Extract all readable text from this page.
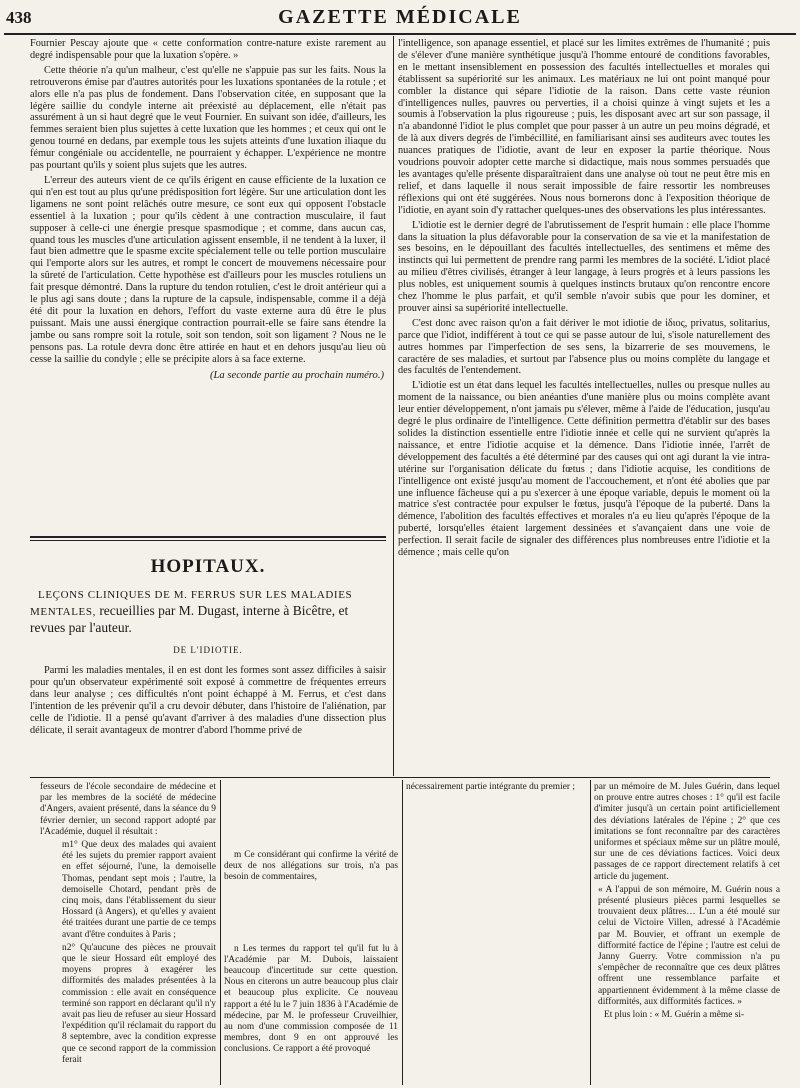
438	GAZETTE MÉDICALE

Fournier Pescay ajoute que « cette conformation contre-nature existe rarement au degré indispensable pour que la luxation s'opère. »

Cette théorie n'a qu'un malheur, c'est qu'elle ne s'appuie pas sur les faits. Nous la retrouverons émise par d'autres autorités pour les luxations spontanées de la rotule ; et alors elle n'a pas plus de fondement. Dans l'observation citée, en supposant que la légère saillie du condyle interne ait préexisté au déplacement, elle n'était pas assurément à un si haut degré que le veut Fournier. En suivant son idée, d'ailleurs, les femmes seraient bien plus sujettes à cette luxation que les hommes ; et ceux qui ont le genou tourné en dedans, par exemple tous les sujets atteints d'une luxation iliaque du fémur congéniale ou accidentelle, ne pourraient y échapper. L'expérience ne montre pas pourtant qu'ils y soient plus sujets que les autres.

L'erreur des auteurs vient de ce qu'ils érigent en cause efficiente de la luxation ce qui n'en est tout au plus qu'une prédisposition fort légère. Sur une articulation dont les ligamens ne sont point relâchés outre mesure, ce sont eux qui opposent l'obstacle essentiel à la luxation ; pour qu'ils cèdent à une contraction musculaire, il faut supposer à celle-ci une énergie presque spasmodique ; et comme, dans aucun cas, quand tous les muscles d'une articulation agissent ensemble, il ne tendent à la luxer, il faut bien admettre que le spasme excite spécialement telle ou telle portion musculaire qui l'emporte alors sur les autres, et rompt le concert de mouvemens nécessaire pour la sûreté de l'articulation. Cette hypothèse est d'ailleurs pour les muscles rotuliens un fait presque démontré. Dans la rupture du tendon rotulien, c'est le droit antérieur qui a le plus agi sans doute ; dans la rupture de la capsule, indispensable, comme il a déjà été dit pour la luxation en dehors, l'effort du vaste externe aura dû être le plus puissant. Mais une aussi énergique contraction pourrait-elle se faire sans étendre la jambe ou sans rompre soit la rotule, soit son tendon, soit son ligament ? Nous ne le pensons pas. La rotule devra donc être attirée en haut et en dehors jusqu'au lieu où cesse la saillie du condyle ; elle se précipite alors à sa face externe.

(La seconde partie au prochain numéro.)
HOPITAUX.

LEÇONS CLINIQUES DE M. FERRUS SUR LES MALADIES MENTALES, recueillies par M. Dugast, interne à Bicêtre, et revues par l'auteur.

DE L'IDIOTIE.

Parmi les maladies mentales, il en est dont les formes sont assez difficiles à saisir pour qu'un observateur expérimenté soit exposé à commettre de fréquentes erreurs dans leur analyse ; ces difficultés n'ont point échappé à M. Ferrus, et c'est dans l'intention de les prévenir qu'il a cru devoir débuter, dans l'histoire de l'aliénation, par celle de l'idiotie. Il a pensé qu'avant d'arriver à des maladies d'une dissection plus délicate, il serait avantageux de montrer d'abord l'homme privé de

l'intelligence, son apanage essentiel, et placé sur les limites extrêmes de l'humanité ; puis de s'élever d'une manière synthétique jusqu'à l'homme entouré de conditions favorables, en le mettant insensiblement en possession des facultés intellectuelles et morales qui établissent sa supériorité sur les animaux. Les matériaux ne lui ont point manqué pour combler la distance qui sépare l'idiotie de la raison. Dans cette vaste réunion d'intelligences nulles, pauvres ou perverties, il a choisi quinze à vingt sujets et les a soumis à l'observation la plus rigoureuse ; puis, les disposant avec art sur son passage, il n'a abandonné l'idiot le plus complet que pour passer à un autre un peu moins dégradé, et de là aux divers degrés de l'imbécillité, en familiarisant ainsi ses auditeurs avec toutes les nuances pratiques de l'idiotie, avant de leur en exposer la partie théorique. Nous voudrions pouvoir adopter cette marche si didactique, mais nous sommes persuadés que les avantages qu'elle présente disparaîtraient dans une analyse où tout ne peut être mis en relief, et dans laquelle il nous serait impossible de faire ressortir les nombreuses réflexions qui ont été suggérées. Nous nous bornerons donc à l'exposition théorique de l'idiotie, en ayant soin d'y rattacher quelques-unes des observations les plus intéressantes.

L'idiotie est le dernier degré de l'abrutissement de l'esprit humain : elle place l'homme dans la situation la plus défavorable pour la conservation de sa vie et la manifestation de ses besoins, en le dépouillant des facultés intellectuelles, des sentimens et même des instincts qui lui permettent de prendre rang parmi les membres de la société. L'idiot placé au milieu d'êtres civilisés, étranger à leur langage, à leurs progrès et à leurs passions les plus nobles, est uniquement soumis à quelques instincts brutaux qu'on rencontre encore chez l'homme le plus parfait, et qu'il semble n'avoir subis que pour les dominer, et prouver ainsi sa supériorité intellectuelle.

C'est donc avec raison qu'on a fait dériver le mot idiotie de ἰδιος, privatus, solitarius, parce que l'idiot, indifférent à tout ce qui se passe autour de lui, s'isole naturellement des autres hommes par l'imperfection de ses sens, la bizarrerie de ses mouvemens, le caractère de ses maladies, et surtout par l'absence plus ou moins complète du langage et des facultés de l'entendement.

L'idiotie est un état dans lequel les facultés intellectuelles, nulles ou presque nulles au moment de la naissance, ou bien anéanties d'une manière plus ou moins complète avant leur entier développement, n'ont jamais pu s'élever, même à l'aide de l'éducation, jusqu'au degré le plus ordinaire de l'intelligence. Cette définition permettra d'établir sur des bases solides la distinction essentielle entre l'idiotie innée et celle qui ne survient qu'après la naissance, et entre l'idiotie acquise et la démence. Dans l'idiotie innée, l'arrêt de développement des facultés a été déterminé par des causes qui ont agi durant la vie intra-utérine sur l'organisation délicate du fœtus ; dans l'idiotie acquise, les conditions de l'intelligence ont existé jusqu'au moment de l'accouchement, et n'ont été abolies que par une influence fâcheuse qui a pu s'exercer à une époque variable, depuis le moment où la matrice s'est contractée pour expulser le fœtus, jusqu'à l'époque de la puberté. Dans la démence, l'abolition des facultés effectives et morales n'a eu lieu qu'après l'époque de la puberté, lorsqu'elles étaient largement dessinées et s'avançaient dans une voie de perfection. Il serait facile de signaler des différences plus nombreuses entre l'idiotie et la démence ; mais celle qu'on

fesseurs de l'école secondaire de médecine et par les membres de la société de médecine d'Angers, avaient présenté, dans la séance du 9 février dernier, un second rapport adopté par l'Académie, duquel il résultait :

m1° Que deux des malades qui avaient été les sujets du premier rapport avaient en effet séjourné, l'une, la demoiselle Thomas, pendant sept mois ; l'autre, la demoiselle Chotard, pendant près de cinq mois, dans l'établissement du sieur Hossard (à Angers), et qu'elles y avaient été traitées durant une partie de ce temps avant d'être conduites à Paris ;

n2° Qu'aucune des pièces ne prouvait que le sieur Hossard eût employé des moyens propres à exagérer les difformités des malades présentées à la commission : elle avait en conséquence terminé son rapport en déclarant qu'il n'y avait pas lieu de refuser au sieur Hossard l'expédition qu'il réclamait du rapport du 8 septembre, avec la condition expresse que ce second rapport de la commission ferait

m Ce considérant qui confirme la vérité de deux de nos allégations sur trois, n'a pas besoin de commentaires,

n Les termes du rapport tel qu'il fut lu à l'Académie par M. Dubois, laissaient beaucoup d'incertitude sur cette question. Nous en citerons un autre beaucoup plus clair et beaucoup plus explicite. Ce nouveau rapport a été lu le 7 juin 1836 à l'Académie de médecine, par M. le professeur Cruveilhier, au nom d'une commission composée de 11 membres, dont 9 en ont approuvé les conclusions. Ce rapport a été provoqué

nécessairement partie intégrante du premier ;	par un mémoire de M. Jules Guérin, dans lequel on prouve entre autres choses : 1° qu'il est facile d'imiter jusqu'à un certain point artificiellement des déviations latérales de l'épine ; 2° que ces imitations se font reconnaître par des caractères uniformes et spéciaux même sur un plâtre moulé, sur une de ces déviations factices. Voici deux passages de ce rapport directement relatifs à cet article du jugement.

« A l'appui de son mémoire, M. Guérin nous a présenté plusieurs pièces parmi lesquelles se trouvaient deux plâtres… L'un a été moulé sur celui de Victoire Villen, adressé à l'Académie par M. Bouvier, et offrant un exemple de difformité factice de l'épine ; l'autre est celui de Janny Guerry. Votre commission n'a pu s'empêcher de reconnaître que ces deux plâtres offrent une ressemblance parfaite et appartiennent évidemment à la même classe de difformités, aux difformités factices. »

Et plus loin : « M. Guérin a même si-
